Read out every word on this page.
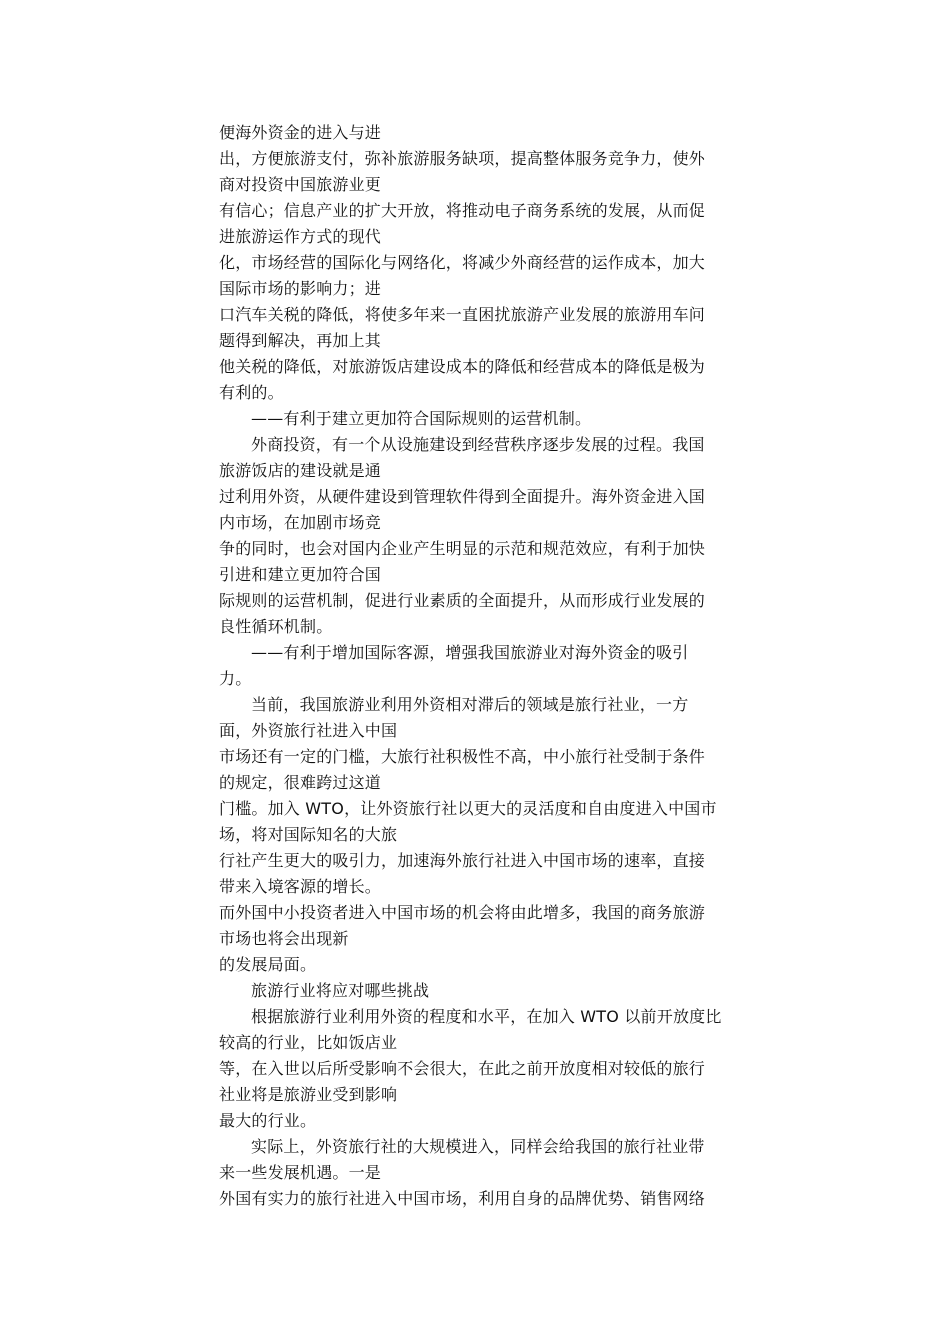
便海外资金的进入与进
出，方便旅游支付，弥补旅游服务缺项，提高整体服务竞争力，使外
商对投资中国旅游业更
有信心；信息产业的扩大开放，将推动电子商务系统的发展，从而促
进旅游运作方式的现代
化，市场经营的国际化与网络化，将减少外商经营的运作成本，加大
国际市场的影响力；进
口汽车关税的降低，将使多年来一直困扰旅游产业发展的旅游用车问
题得到解决，再加上其
他关税的降低，对旅游饭店建设成本的降低和经营成本的降低是极为
有利的。
——有利于建立更加符合国际规则的运营机制。
外商投资，有一个从设施建设到经营秩序逐步发展的过程。我国
旅游饭店的建设就是通
过利用外资，从硬件建设到管理软件得到全面提升。海外资金进入国
内市场，在加剧市场竞
争的同时，也会对国内企业产生明显的示范和规范效应，有利于加快
引进和建立更加符合国
际规则的运营机制，促进行业素质的全面提升，从而形成行业发展的
良性循环机制。
——有利于增加国际客源，增强我国旅游业对海外资金的吸引
力。
当前，我国旅游业利用外资相对滞后的领域是旅行社业，一方
面，外资旅行社进入中国
市场还有一定的门槛，大旅行社积极性不高，中小旅行社受制于条件
的规定，很难跨过这道
门槛。加入 WTO，让外资旅行社以更大的灵活度和自由度进入中国市
场，将对国际知名的大旅
行社产生更大的吸引力，加速海外旅行社进入中国市场的速率，直接
带来入境客源的增长。
而外国中小投资者进入中国市场的机会将由此增多，我国的商务旅游
市场也将会出现新
的发展局面。
旅游行业将应对哪些挑战
根据旅游行业利用外资的程度和水平，在加入 WTO 以前开放度比
较高的行业，比如饭店业
等，在入世以后所受影响不会很大，在此之前开放度相对较低的旅行
社业将是旅游业受到影响
最大的行业。
实际上，外资旅行社的大规模进入，同样会给我国的旅行社业带
来一些发展机遇。一是
外国有实力的旅行社进入中国市场，利用自身的品牌优势、销售网络
